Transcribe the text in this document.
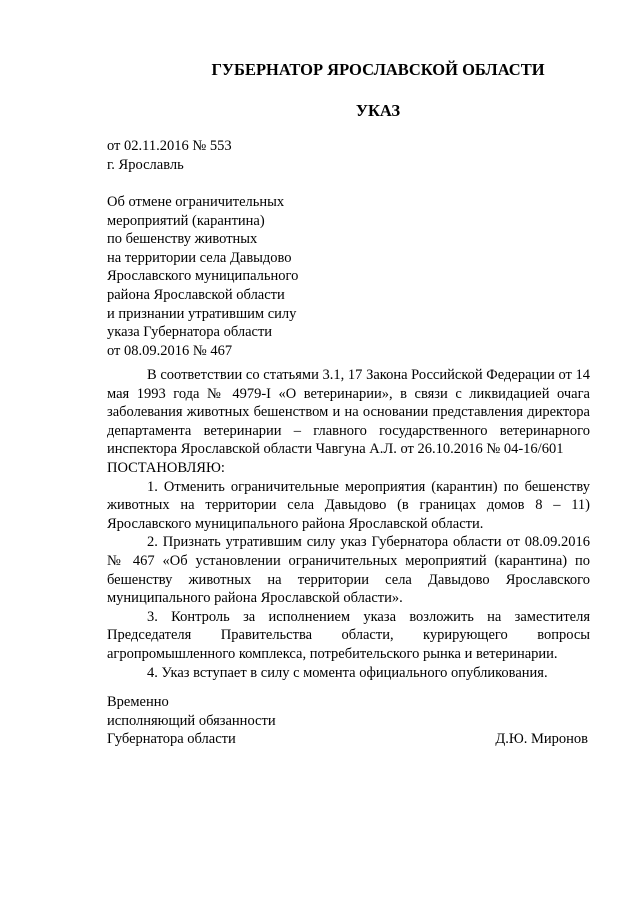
ГУБЕРНАТОР ЯРОСЛАВСКОЙ ОБЛАСТИ
УКАЗ
от 02.11.2016 № 553
г. Ярославль
Об отмене ограничительных
мероприятий (карантина)
по бешенству животных
на территории села Давыдово
Ярославского муниципального
района Ярославской области
и признании утратившим силу
указа Губернатора области
от 08.09.2016 № 467

В соответствии со статьями 3.1, 17 Закона Российской Федерации от 14 мая 1993 года № 4979-I «О ветеринарии», в связи с ликвидацией очага заболевания животных бешенством и на основании представления директора департамента ветеринарии – главного государственного ветеринарного инспектора Ярославской области Чавгуна А.Л. от 26.10.2016 № 04-16/601

ПОСТАНОВЛЯЮ:

1. Отменить ограничительные мероприятия (карантин) по бешенству животных на территории села Давыдово (в границах домов 8 – 11) Ярославского муниципального района Ярославской области.

2. Признать утратившим силу указ Губернатора области от 08.09.2016 № 467 «Об установлении ограничительных мероприятий (карантина) по бешенству животных на территории села Давыдово Ярославского муниципального района Ярославской области».

3. Контроль за исполнением указа возложить на заместителя Председателя Правительства области, курирующего вопросы агропромышленного комплекса, потребительского рынка и ветеринарии.

4. Указ вступает в силу с момента официального опубликования.

Временно
исполняющий обязанности
Губернатора области	Д.Ю. Миронов
